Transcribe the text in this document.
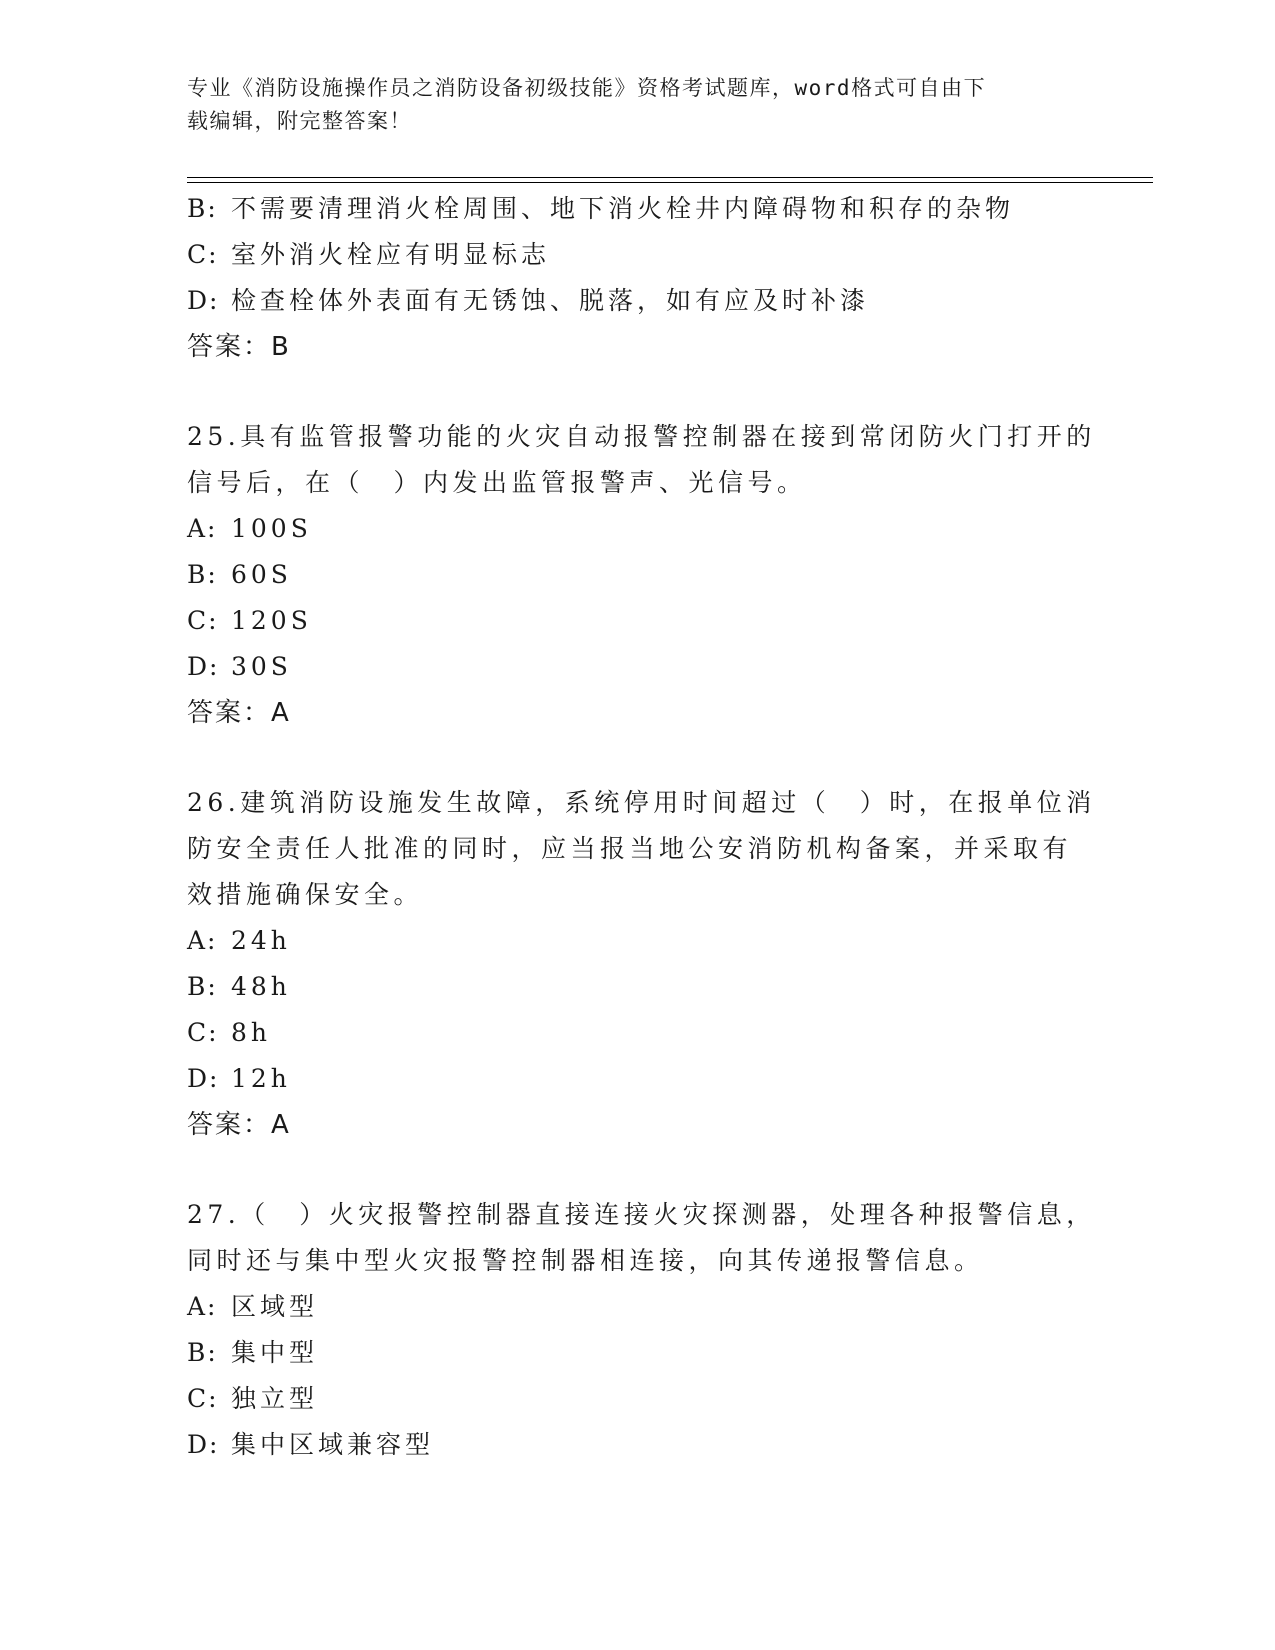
专业《消防设施操作员之消防设备初级技能》资格考试题库，word格式可自由下
载编辑，附完整答案！
B: 不需要清理消火栓周围、地下消火栓井内障碍物和积存的杂物
C: 室外消火栓应有明显标志
D: 检查栓体外表面有无锈蚀、脱落，如有应及时补漆
答案：B
25.具有监管报警功能的火灾自动报警控制器在接到常闭防火门打开的
信号后，在（　）内发出监管报警声、光信号。
A: 100S
B: 60S
C: 120S
D: 30S
答案：A
26.建筑消防设施发生故障，系统停用时间超过（　）时，在报单位消
防安全责任人批准的同时，应当报当地公安消防机构备案，并采取有
效措施确保安全。
A: 24h
B: 48h
C: 8h
D: 12h
答案：A
27.（　）火灾报警控制器直接连接火灾探测器，处理各种报警信息，
同时还与集中型火灾报警控制器相连接，向其传递报警信息。
A: 区域型
B: 集中型
C: 独立型
D: 集中区域兼容型
